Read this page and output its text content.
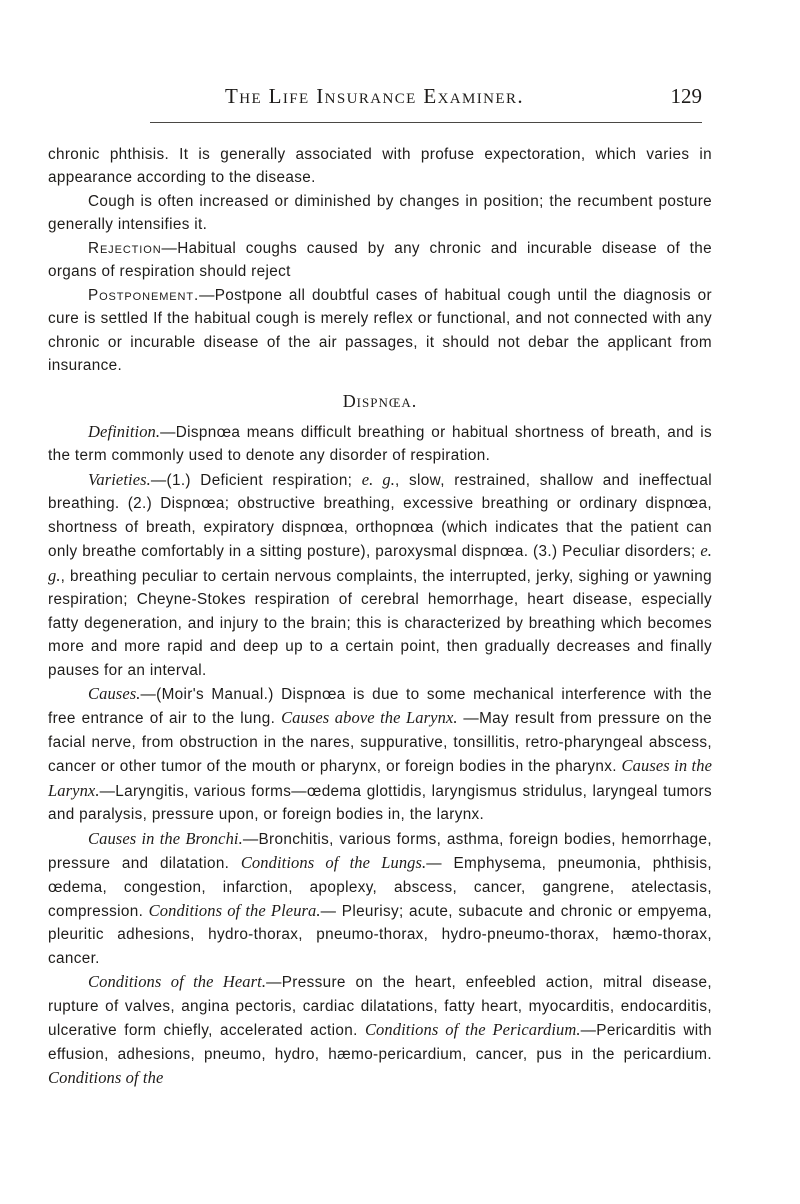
The Life Insurance Examiner.	129

chronic phthisis. It is generally associated with profuse expectoration, which varies in appearance according to the disease.

Cough is often increased or diminished by changes in position; the recumbent posture generally intensifies it.

Rejection—Habitual coughs caused by any chronic and incurable disease of the organs of respiration should reject

Postponement.—Postpone all doubtful cases of habitual cough until the diagnosis or cure is settled If the habitual cough is merely reflex or functional, and not connected with any chronic or incurable disease of the air passages, it should not debar the applicant from insurance.

Dispnœa.

Definition.—Dispnœa means difficult breathing or habitual shortness of breath, and is the term commonly used to denote any disorder of respiration.

Varieties.—(1.) Deficient respiration; e. g., slow, restrained, shallow and ineffectual breathing. (2.) Dispnœa; obstructive breathing, excessive breathing or ordinary dispnœa, shortness of breath, expiratory dispnœa, orthopnœa (which indicates that the patient can only breathe comfortably in a sitting posture), paroxysmal dispnœa. (3.) Peculiar disorders; e. g., breathing peculiar to certain nervous complaints, the interrupted, jerky, sighing or yawning respiration; Cheyne-Stokes respiration of cerebral hemorrhage, heart disease, especially fatty degeneration, and injury to the brain; this is characterized by breathing which becomes more and more rapid and deep up to a certain point, then gradually decreases and finally pauses for an interval.

Causes.—(Moir's Manual.) Dispnœa is due to some mechanical interference with the free entrance of air to the lung. Causes above the Larynx. —May result from pressure on the facial nerve, from obstruction in the nares, suppurative, tonsillitis, retro-pharyngeal abscess, cancer or other tumor of the mouth or pharynx, or foreign bodies in the pharynx. Causes in the Larynx.—Laryngitis, various forms—œdema glottidis, laryngismus stridulus, laryngeal tumors and paralysis, pressure upon, or foreign bodies in, the larynx.

Causes in the Bronchi.—Bronchitis, various forms, asthma, foreign bodies, hemorrhage, pressure and dilatation. Conditions of the Lungs.— Emphysema, pneumonia, phthisis, œdema, congestion, infarction, apoplexy, abscess, cancer, gangrene, atelectasis, compression. Conditions of the Pleura.— Pleurisy; acute, subacute and chronic or empyema, pleuritic adhesions, hydro-thorax, pneumo-thorax, hydro-pneumo-thorax, hæmo-thorax, cancer.

Conditions of the Heart.—Pressure on the heart, enfeebled action, mitral disease, rupture of valves, angina pectoris, cardiac dilatations, fatty heart, myocarditis, endocarditis, ulcerative form chiefly, accelerated action. Conditions of the Pericardium.—Pericarditis with effusion, adhesions, pneumo, hydro, hæmo-pericardium, cancer, pus in the pericardium. Conditions of the
